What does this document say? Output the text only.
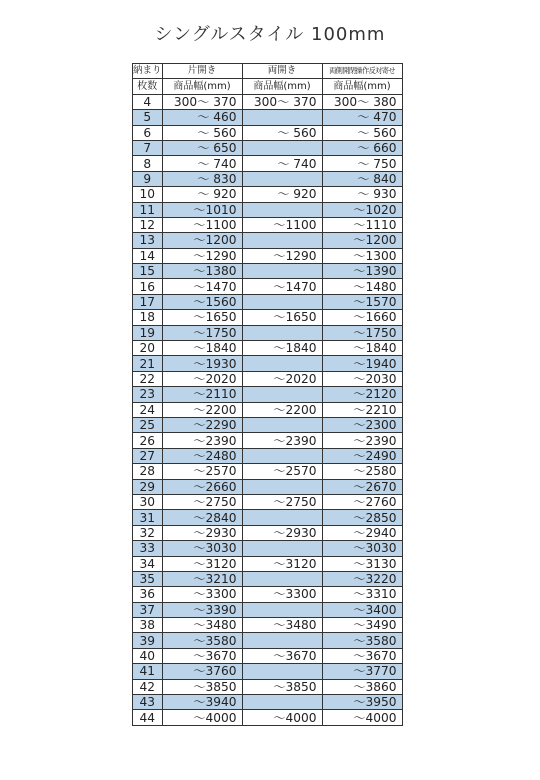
シングルスタイル 100mm
納まり	片開き	両開き	両側開閉操作反対寄せ
枚数	商品幅(mm)	商品幅(mm)	商品幅(mm)
4	300～ 370	300～ 370	300～ 380
5	～ 460		～ 470
6	～ 560	～ 560	～ 560
7	～ 650		～ 660
8	～ 740	～ 740	～ 750
9	～ 830		～ 840
10	～ 920	～ 920	～ 930
11	～1010		～1020
12	～1100	～1100	～1110
13	～1200		～1200
14	～1290	～1290	～1300
15	～1380		～1390
16	～1470	～1470	～1480
17	～1560		～1570
18	～1650	～1650	～1660
19	～1750		～1750
20	～1840	～1840	～1840
21	～1930		～1940
22	～2020	～2020	～2030
23	～2110		～2120
24	～2200	～2200	～2210
25	～2290		～2300
26	～2390	～2390	～2390
27	～2480		～2490
28	～2570	～2570	～2580
29	～2660		～2670
30	～2750	～2750	～2760
31	～2840		～2850
32	～2930	～2930	～2940
33	～3030		～3030
34	～3120	～3120	～3130
35	～3210		～3220
36	～3300	～3300	～3310
37	～3390		～3400
38	～3480	～3480	～3490
39	～3580		～3580
40	～3670	～3670	～3670
41	～3760		～3770
42	～3850	～3850	～3860
43	～3940		～3950
44	～4000	～4000	～4000
